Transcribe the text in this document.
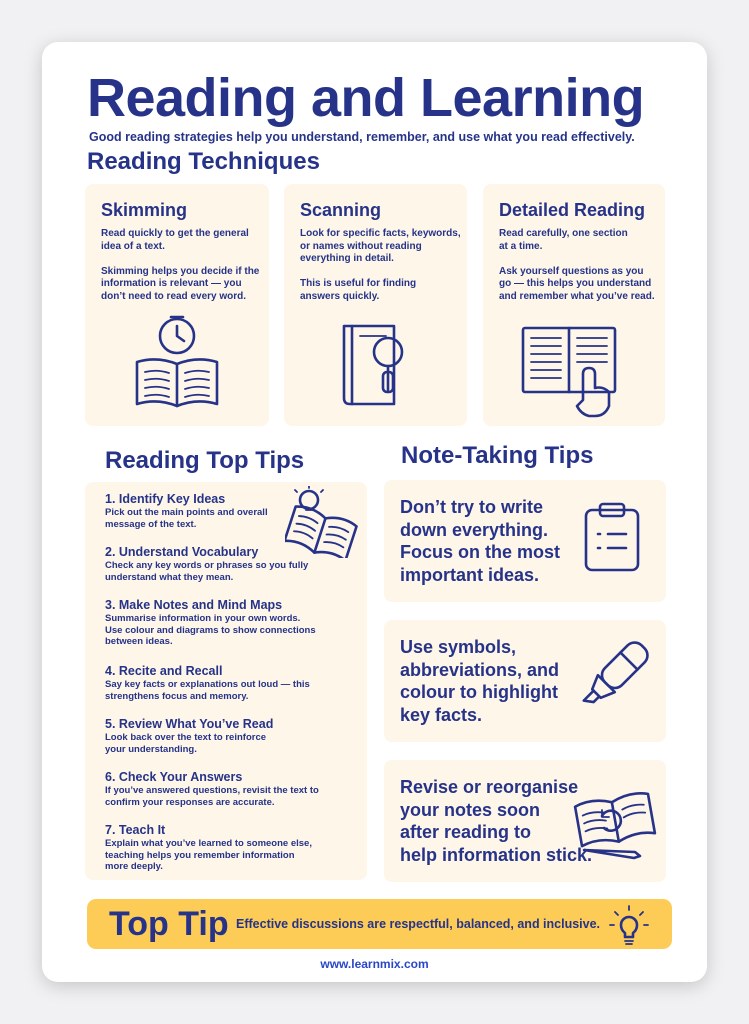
Reading and Learning
Good reading strategies help you understand, remember, and use what you read effectively.
Reading Techniques
Skimming
Read quickly to get the general
idea of a text.

Skimming helps you decide if the
information is relevant — you
don’t need to read every word.
Scanning
Look for specific facts, keywords,
or names without reading
everything in detail.

This is useful for finding
answers quickly.
Detailed Reading
Read carefully, one section
at a time.

Ask yourself questions as you
go — this helps you understand
and remember what you’ve read.
Reading Top Tips
1. Identify Key Ideas
Pick out the main points and overall
message of the text.
2. Understand Vocabulary
Check any key words or phrases so you fully
understand what they mean.
3. Make Notes and Mind Maps
Summarise information in your own words.
Use colour and diagrams to show connections
between ideas.
4. Recite and Recall
Say key facts or explanations out loud — this
strengthens focus and memory.
5. Review What You’ve Read
Look back over the text to reinforce
your understanding.
6. Check Your Answers
If you’ve answered questions, revisit the text to
confirm your responses are accurate.
7. Teach It
Explain what you’ve learned to someone else,
teaching helps you remember information
more deeply.
Note-Taking Tips
Don’t try to write
down everything.
Focus on the most
important ideas.
Use symbols,
abbreviations, and
colour to highlight
key facts.
Revise or reorganise
your notes soon
after reading to
help information stick.
Top Tip Effective discussions are respectful, balanced, and inclusive.
www.learnmix.com
